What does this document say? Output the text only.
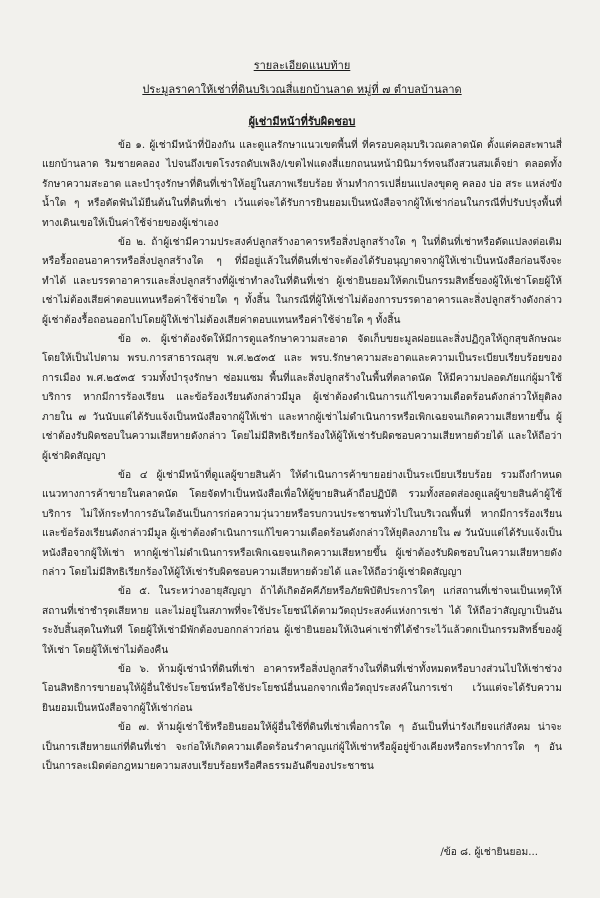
รายละเอียดแนบท้าย

ประมูลราคาให้เช่าที่ดินบริเวณสี่แยกบ้านลาด หมู่ที่ ๗ ตำบลบ้านลาด

ผู้เช่ามีหน้าที่รับผิดชอบ

ข้อ ๑. ผู้เช่ามีหน้าที่ป้องกัน และดูแลรักษาแนวเขตพื้นที่ ที่ครอบคลุมบริเวณตลาดนัด ตั้งแต่คอสะพานสี่แยกบ้านลาด ริมชายคลอง ไปจนถึงเขตโรงรถดับเพลิง/เขตไฟแดงสี่แยกถนนหน้ามินิมาร์ทจนถึงสวนสมเด็จย่า ตลอดทั้งรักษาความสะอาด และบำรุงรักษาที่ดินที่เช่าให้อยู่ในสภาพเรียบร้อย ห้ามทำการเปลี่ยนแปลงขุดคู คลอง บ่อ สระ แหล่งขังน้ำใด ๆ หรือตัดฟันไม้ยืนต้นในที่ดินที่เช่า เว้นแต่จะได้รับการยินยอมเป็นหนังสือจากผู้ให้เช่าก่อนในกรณีที่ปรับปรุงพื้นที่ทางเดินเขอให้เป็นค่าใช้จ่ายของผู้เช่าเอง

ข้อ ๒. ถ้าผู้เช่ามีความประสงค์ปลูกสร้างอาคารหรือสิ่งปลูกสร้างใด ๆ ในที่ดินที่เช่าหรือดัดแปลงต่อเติมหรือรื้อถอนอาคารหรือสิ่งปลูกสร้างใด ๆ ที่มีอยู่แล้วในที่ดินที่เช่าจะต้องได้รับอนุญาตจากผู้ให้เช่าเป็นหนังสือก่อนจึงจะทำได้ และบรรดาอาคารและสิ่งปลูกสร้างที่ผู้เช่าทำลงในที่ดินที่เช่า ผู้เช่ายินยอมให้ตกเป็นกรรมสิทธิ์ของผู้ให้เช่าโดยผู้ให้เช่าไม่ต้องเสียค่าตอบแทนหรือค่าใช้จ่ายใด ๆ ทั้งสิ้น ในกรณีที่ผู้ให้เช่าไม่ต้องการบรรดาอาคารและสิ่งปลูกสร้างดังกล่าว ผู้เช่าต้องรื้อถอนออกไปโดยผู้ให้เช่าไม่ต้องเสียค่าตอบแทนหรือค่าใช้จ่ายใด ๆ ทั้งสิ้น

ข้อ ๓. ผู้เช่าต้องจัดให้มีการดูแลรักษาความสะอาด จัดเก็บขยะมูลฝอยและสิ่งปฏิกูลให้ถูกสุขลักษณะ โดยให้เป็นไปตาม พรบ.การสาธารณสุข พ.ศ.๒๕๓๕ และ พรบ.รักษาความสะอาดและความเป็นระเบียบเรียบร้อยของการเมือง พ.ศ.๒๕๓๕ รวมทั้งบำรุงรักษา ซ่อมแซม พื้นที่และสิ่งปลูกสร้างในพื้นที่ตลาดนัด ให้มีความปลอดภัยแก่ผู้มาใช้บริการ หากมีการร้องเรียน และข้อร้องเรียนดังกล่าวมีมูล ผู้เช่าต้องดำเนินการแก้ไขความเดือดร้อนดังกล่าวให้ยุติลงภายใน ๗ วันนับแต่ได้รับแจ้งเป็นหนังสือจากผู้ให้เช่า และหากผู้เช่าไม่ดำเนินการหรือเพิกเฉยจนเกิดความเสียหายขึ้น ผู้เช่าต้องรับผิดชอบในความเสียหายดังกล่าว โดยไม่มีสิทธิเรียกร้องให้ผู้ให้เช่ารับผิดชอบความเสียหายด้วยได้ และให้ถือว่าผู้เช่าผิดสัญญา

ข้อ ๔ ผู้เช่ามีหน้าที่ดูแลผู้ขายสินค้า ให้ดำเนินการค้าขายอย่างเป็นระเบียบเรียบร้อย รวมถึงกำหนดแนวทางการค้าขายในตลาดนัด โดยจัดทำเป็นหนังสือเพื่อให้ผู้ขายสินค้าถือปฏิบัติ รวมทั้งสอดส่องดูแลผู้ขายสินค้าผู้ใช้บริการ ไม่ให้กระทำการอันใดอันเป็นการก่อความวุ่นวายหรือรบกวนประชาชนทั่วไปในบริเวณพื้นที่ หากมีการร้องเรียน และข้อร้องเรียนดังกล่าวมีมูล ผู้เช่าต้องดำเนินการแก้ไขความเดือดร้อนดังกล่าวให้ยุติลงภายใน ๗ วันนับแต่ได้รับแจ้งเป็นหนังสือจากผู้ให้เช่า หากผู้เช่าไม่ดำเนินการหรือเพิกเฉยจนเกิดความเสียหายขึ้น ผู้เช่าต้องรับผิดชอบในความเสียหายดังกล่าว โดยไม่มีสิทธิเรียกร้องให้ผู้ให้เช่ารับผิดชอบความเสียหายด้วยได้ และให้ถือว่าผู้เช่าผิดสัญญา

ข้อ ๕. ในระหว่างอายุสัญญา ถ้าได้เกิดอัคคีภัยหรือภัยพิบัติประการใดๆ แก่สถานที่เช่าจนเป็นเหตุให้สถานที่เช่าชำรุดเสียหาย และไม่อยู่ในสภาพที่จะใช้ประโยชน์ได้ตามวัตถุประสงค์แห่งการเช่า ได้ ให้ถือว่าสัญญาเป็นอันระงับสิ้นสุดในทันที โดยผู้ให้เช่ามีพักต้องบอกกล่าวก่อน ผู้เช่ายินยอมให้เงินค่าเช่าที่ได้ชำระไว้แล้วตกเป็นกรรมสิทธิ์ของผู้ให้เช่า โดยผู้ให้เช่าไม่ต้องคืน

ข้อ ๖. ห้ามผู้เช่านำที่ดินที่เช่า อาคารหรือสิ่งปลูกสร้างในที่ดินที่เช่าทั้งหมดหรือบางส่วนไปให้เช่าช่วงโอนสิทธิการขายอนุให้ผู้อื่นใช้ประโยชน์หรือใช้ประโยชน์อื่นนอกจากเพื่อวัตถุประสงค์ในการเช่า เว้นแต่จะได้รับความยินยอมเป็นหนังสือจากผู้ให้เช่าก่อน

ข้อ ๗. ห้ามผู้เช่าใช้หรือยินยอมให้ผู้อื่นใช้ที่ดินที่เช่าเพื่อการใด ๆ อันเป็นที่น่ารังเกียจแก่สังคม น่าจะเป็นการเสียหายแก่ที่ดินที่เช่า จะก่อให้เกิดความเดือดร้อนรำคาญแก่ผู้ให้เช่าหรือผู้อยู่ข้างเคียงหรือกระทำการใด ๆ อันเป็นการละเมิดต่อกฎหมายความสงบเรียบร้อยหรือศีลธรรมอันดีของประชาชน

/ข้อ ๘. ผู้เช่ายินยอม...
